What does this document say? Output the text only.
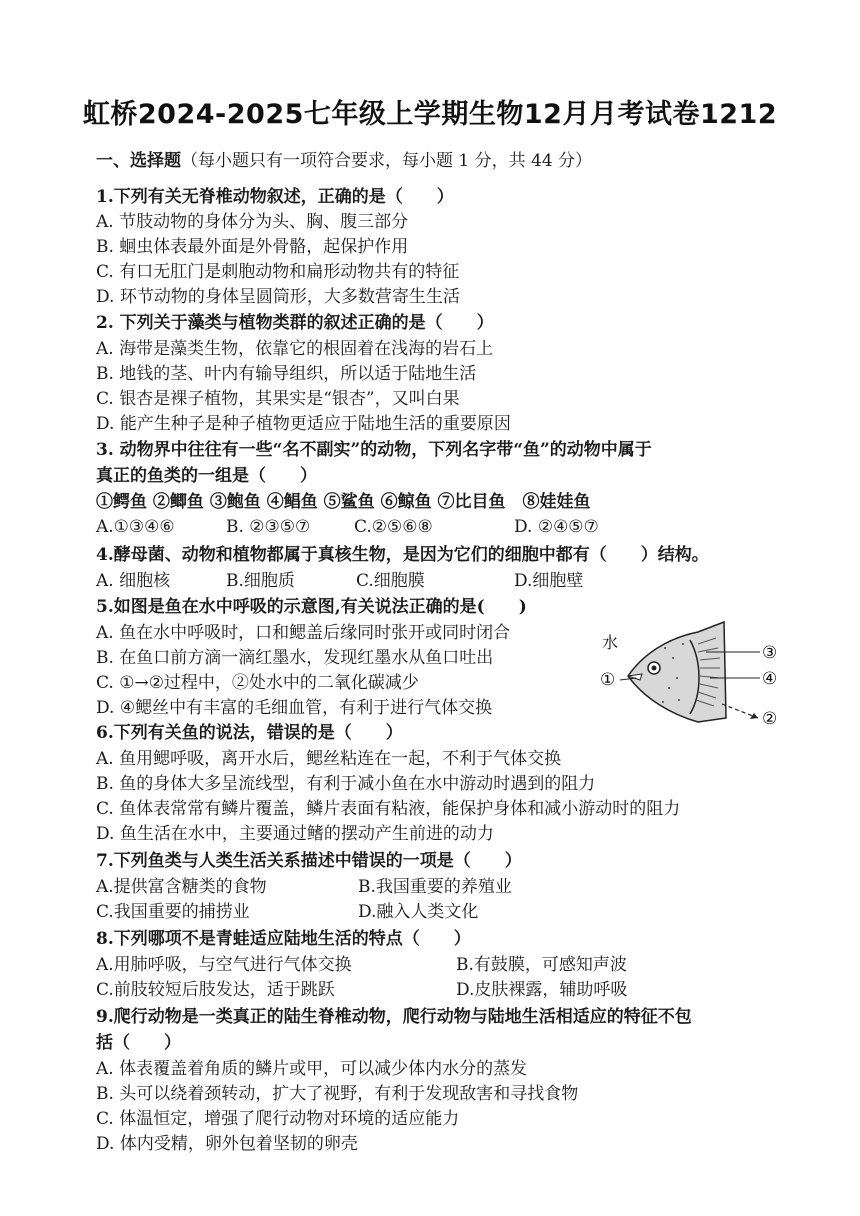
虹桥2024-2025七年级上学期生物12月月考试卷1212
一、选择题（每小题只有一项符合要求，每小题 1 分，共 44 分）
1.下列有关无脊椎动物叙述，正确的是（　　）
A. 节肢动物的身体分为头、胸、腹三部分
B. 蛔虫体表最外面是外骨骼，起保护作用
C. 有口无肛门是刺胞动物和扁形动物共有的特征
D. 环节动物的身体呈圆筒形，大多数营寄生生活
2. 下列关于藻类与植物类群的叙述正确的是（　　）
A. 海带是藻类生物，依靠它的根固着在浅海的岩石上
B. 地钱的茎、叶内有输导组织，所以适于陆地生活
C. 银杏是裸子植物，其果实是“银杏”，又叫白果
D. 能产生种子是种子植物更适应于陆地生活的重要原因
3. 动物界中往往有一些“名不副实”的动物，下列名字带“鱼”的动物中属于
真正的鱼类的一组是（　　）
①鳄鱼 ②鲫鱼 ③鲍鱼 ④鲳鱼 ⑤鲨鱼 ⑥鲸鱼 ⑦比目鱼　⑧娃娃鱼
A.①③④⑥	B. ②③⑤⑦	C.②⑤⑥⑧	D. ②④⑤⑦
4.酵母菌、动物和植物都属于真核生物，是因为它们的细胞中都有（　　）结构。
A. 细胞核	B.细胞质	C.细胞膜	D.细胞壁
5.如图是鱼在水中呼吸的示意图,有关说法正确的是(　　)
A. 鱼在水中呼吸时，口和鳃盖后缘同时张开或同时闭合
B. 在鱼口前方滴一滴红墨水，发现红墨水从鱼口吐出
C. ①→②过程中，②处水中的二氧化碳减少
D. ④鳃丝中有丰富的毛细血管，有利于进行气体交换
水
①
②
③
④
6.下列有关鱼的说法，错误的是（　　）
A. 鱼用鳃呼吸，离开水后，鳃丝粘连在一起，不利于气体交换
B. 鱼的身体大多呈流线型，有利于减小鱼在水中游动时遇到的阻力
C. 鱼体表常常有鳞片覆盖，鳞片表面有粘液，能保护身体和减小游动时的阻力
D. 鱼生活在水中，主要通过鳍的摆动产生前进的动力
7.下列鱼类与人类生活关系描述中错误的一项是（　　）
A.提供富含糖类的食物	B.我国重要的养殖业
C.我国重要的捕捞业	D.融入人类文化
8.下列哪项不是青蛙适应陆地生活的特点（　　）
A.用肺呼吸，与空气进行气体交换	B.有鼓膜，可感知声波
C.前肢较短后肢发达，适于跳跃	D.皮肤裸露，辅助呼吸
9.爬行动物是一类真正的陆生脊椎动物，爬行动物与陆地生活相适应的特征不包
括（　　）
A. 体表覆盖着角质的鳞片或甲，可以减少体内水分的蒸发
B. 头可以绕着颈转动，扩大了视野，有利于发现敌害和寻找食物
C. 体温恒定，增强了爬行动物对环境的适应能力
D. 体内受精，卵外包着坚韧的卵壳
